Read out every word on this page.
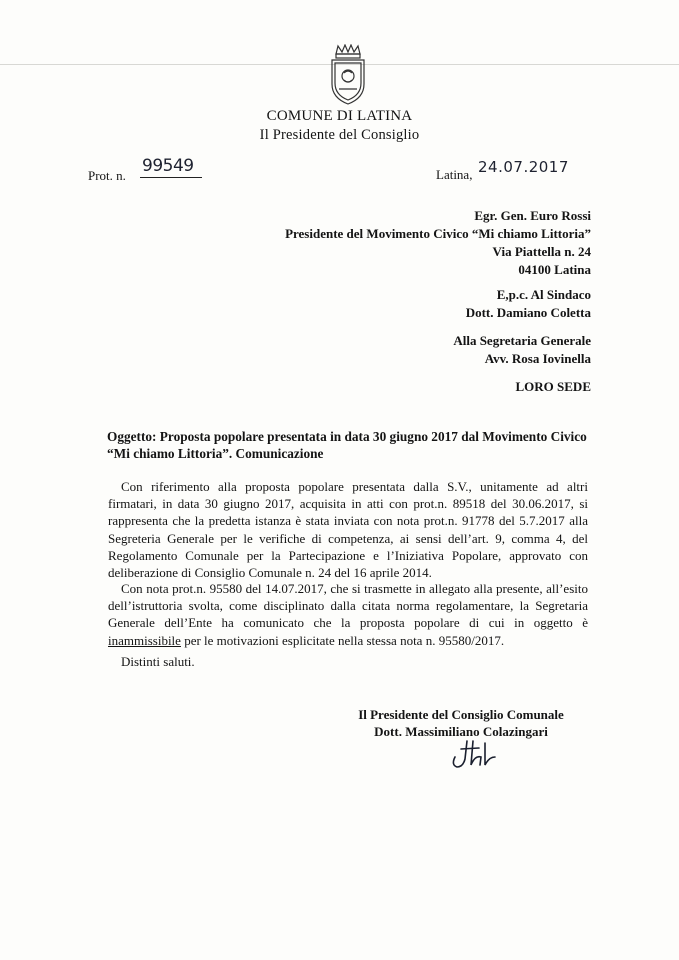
COMUNE DI LATINA
Il Presidente del Consiglio
Prot. n. 99549	Latina, 24.07.2017
Egr. Gen. Euro Rossi
Presidente del Movimento Civico “Mi chiamo Littoria”
Via Piattella n. 24
04100 Latina
E,p.c. Al Sindaco
Dott. Damiano Coletta
Alla Segretaria Generale
Avv. Rosa Iovinella
LORO SEDE
Oggetto: Proposta popolare presentata in data 30 giugno 2017 dal Movimento Civico “Mi chiamo Littoria”. Comunicazione
Con riferimento alla proposta popolare presentata dalla S.V., unitamente ad altri firmatari, in data 30 giugno 2017, acquisita in atti con prot.n. 89518 del 30.06.2017, si rappresenta che la predetta istanza è stata inviata con nota prot.n. 91778 del 5.7.2017 alla Segreteria Generale per le verifiche di competenza, ai sensi dell’art. 9, comma 4, del Regolamento Comunale per la Partecipazione e l’Iniziativa Popolare, approvato con deliberazione di Consiglio Comunale n. 24 del 16 aprile 2014.
Con nota prot.n. 95580 del 14.07.2017, che si trasmette in allegato alla presente, all’esito dell’istruttoria svolta, come disciplinato dalla citata norma regolamentare, la Segretaria Generale dell’Ente ha comunicato che la proposta popolare di cui in oggetto è inammissibile per le motivazioni esplicitate nella stessa nota n. 95580/2017.
Distinti saluti.
Il Presidente del Consiglio Comunale
Dott. Massimiliano Colazingari
